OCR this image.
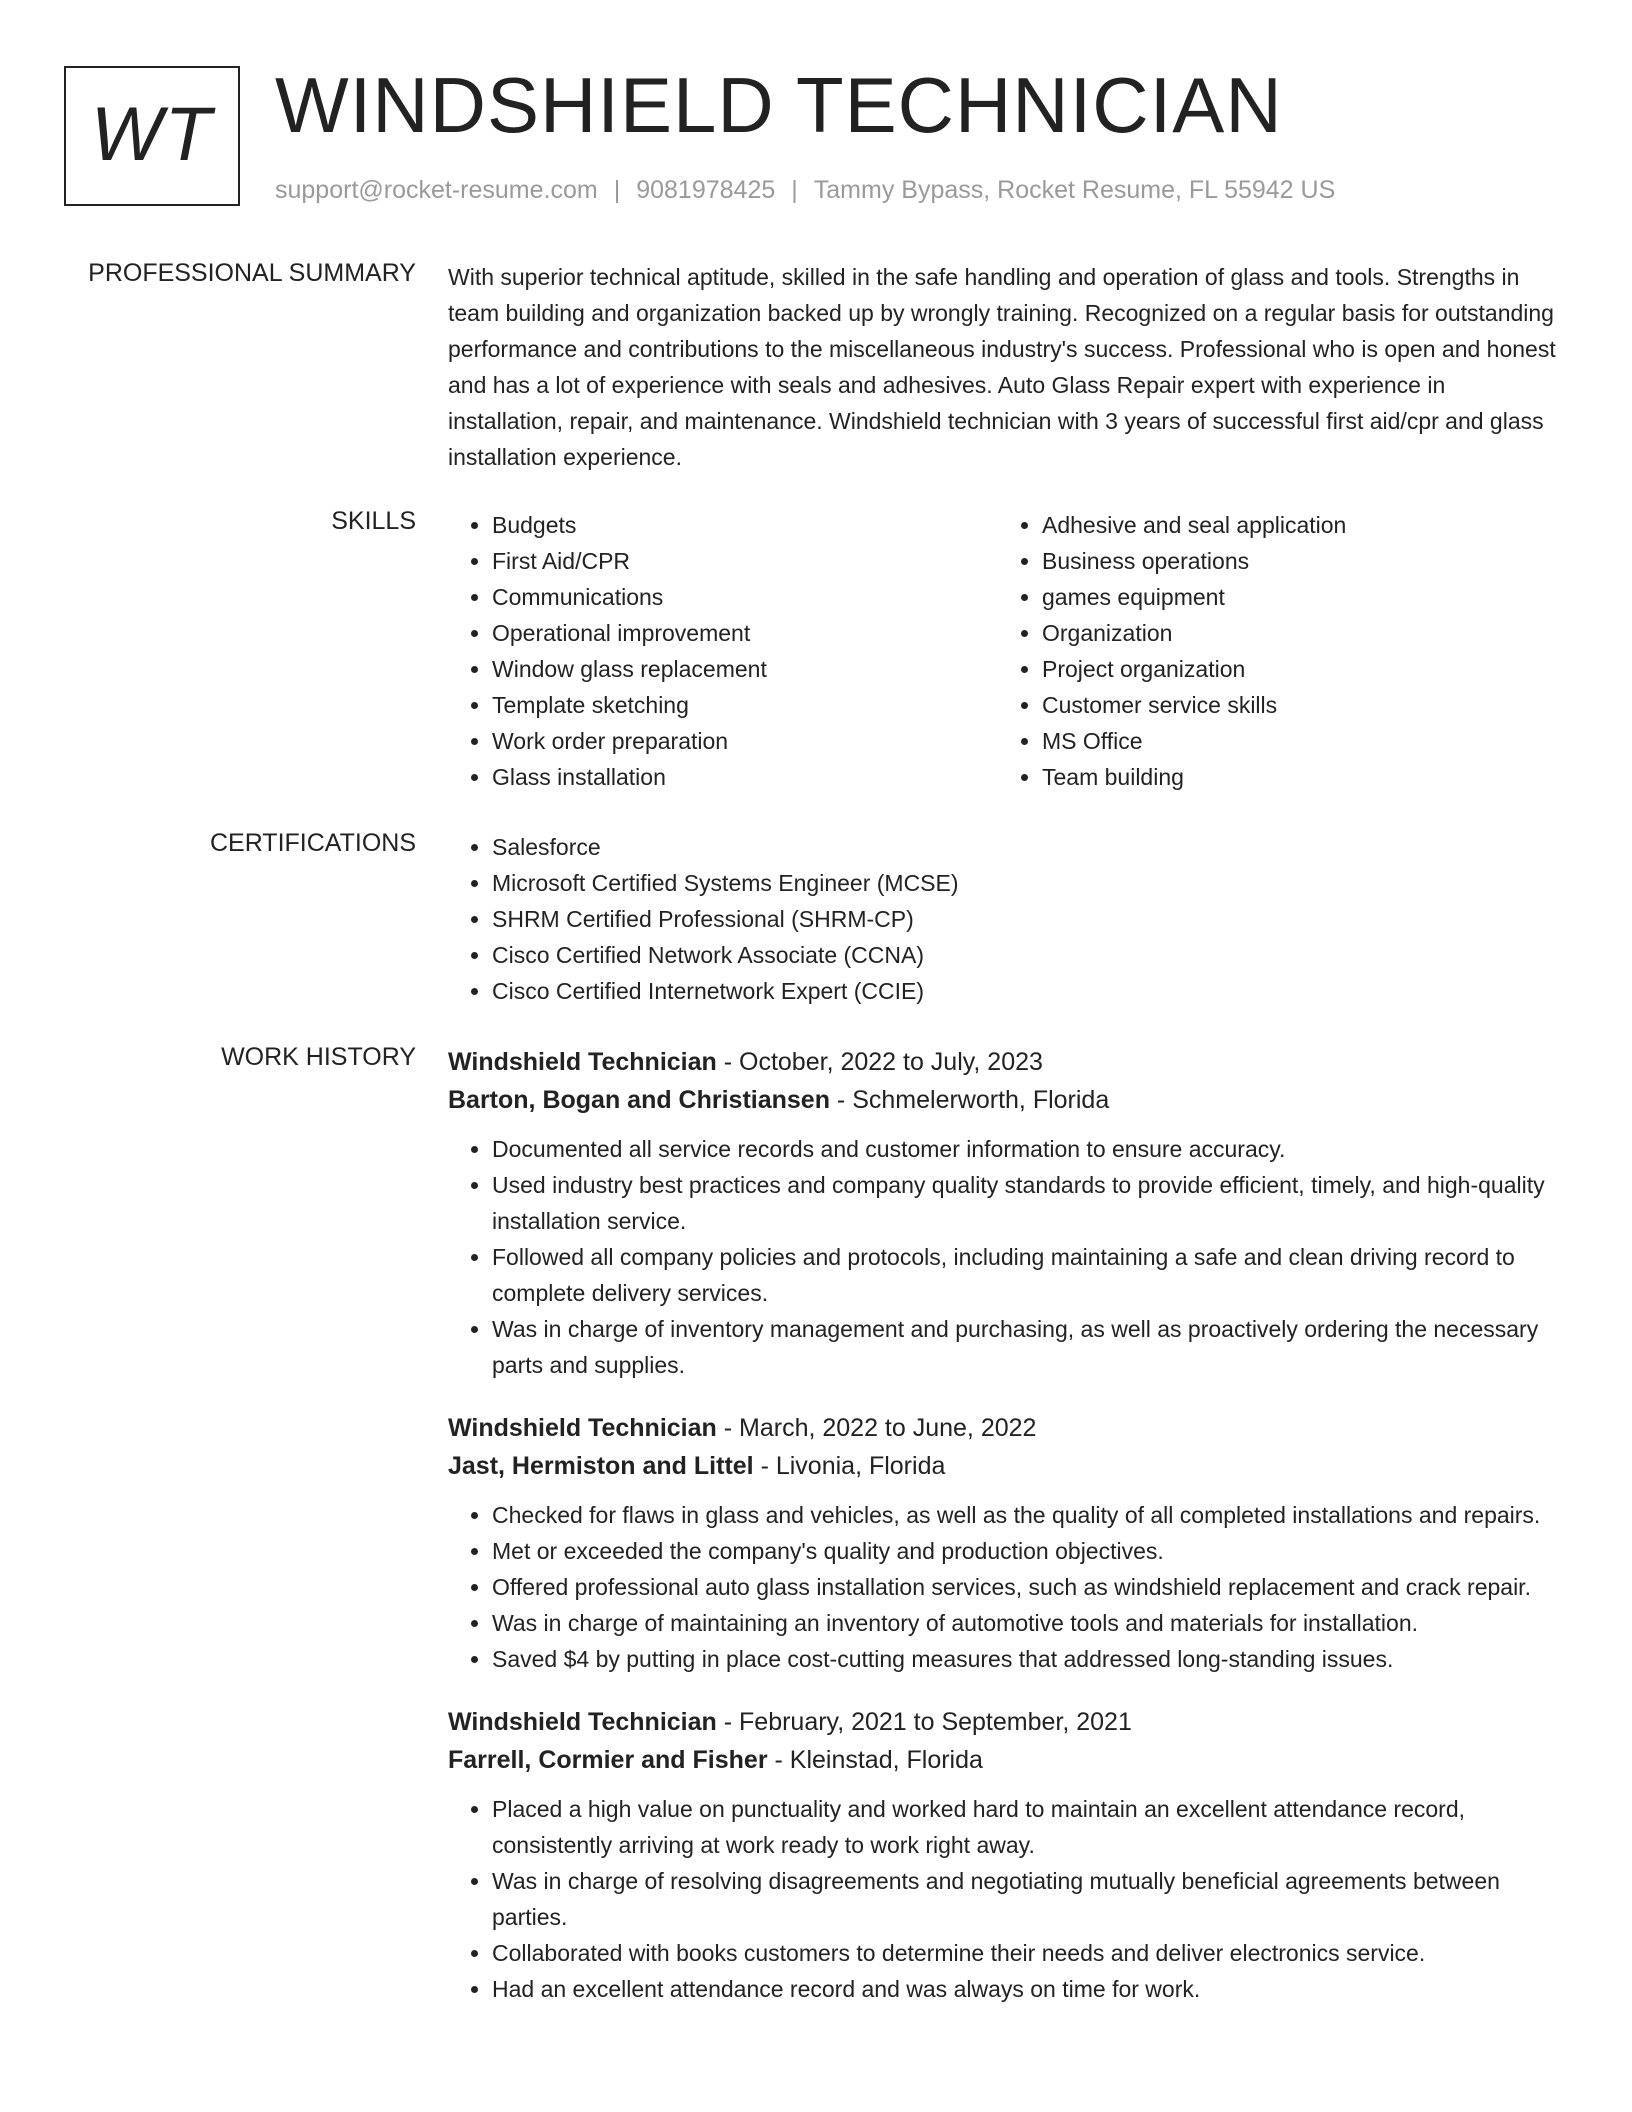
WT WINDSHIELD TECHNICIAN
support@rocket-resume.com | 9081978425 | Tammy Bypass, Rocket Resume, FL 55942 US
PROFESSIONAL SUMMARY With superior technical aptitude, skilled in the safe handling and operation of glass and tools. Strengths in team building and organization backed up by wrongly training. Recognized on a regular basis for outstanding performance and contributions to the miscellaneous industry's success. Professional who is open and honest and has a lot of experience with seals and adhesives. Auto Glass Repair expert with experience in installation, repair, and maintenance. Windshield technician with 3 years of successful first aid/cpr and glass installation experience.

SKILLS	• Budgets
• First Aid/CPR
• Communications
• Operational improvement
• Window glass replacement
• Template sketching
• Work order preparation
• Glass installation
• Adhesive and seal application
• Business operations
• games equipment
• Organization
• Project organization
• Customer service skills
• MS Office
• Team building
CERTIFICATIONS	• Salesforce
• Microsoft Certified Systems Engineer (MCSE)
• SHRM Certified Professional (SHRM-CP)
• Cisco Certified Network Associate (CCNA)
• Cisco Certified Internetwork Expert (CCIE)
WORK HISTORY Windshield Technician - October, 2022 to July, 2023
Barton, Bogan and Christiansen - Schmelerworth, Florida
• Documented all service records and customer information to ensure accuracy.
• Used industry best practices and company quality standards to provide efficient, timely, and high-quality installation service.
• Followed all company policies and protocols, including maintaining a safe and clean driving record to complete delivery services.
• Was in charge of inventory management and purchasing, as well as proactively ordering the necessary parts and supplies.
Windshield Technician - March, 2022 to June, 2022
Jast, Hermiston and Littel - Livonia, Florida
• Checked for flaws in glass and vehicles, as well as the quality of all completed installations and repairs.
• Met or exceeded the company's quality and production objectives.
• Offered professional auto glass installation services, such as windshield replacement and crack repair.
• Was in charge of maintaining an inventory of automotive tools and materials for installation.
• Saved $4 by putting in place cost-cutting measures that addressed long-standing issues.
Windshield Technician - February, 2021 to September, 2021
Farrell, Cormier and Fisher - Kleinstad, Florida
• Placed a high value on punctuality and worked hard to maintain an excellent attendance record, consistently arriving at work ready to work right away.
• Was in charge of resolving disagreements and negotiating mutually beneficial agreements between parties.
• Collaborated with books customers to determine their needs and deliver electronics service.
• Had an excellent attendance record and was always on time for work.
